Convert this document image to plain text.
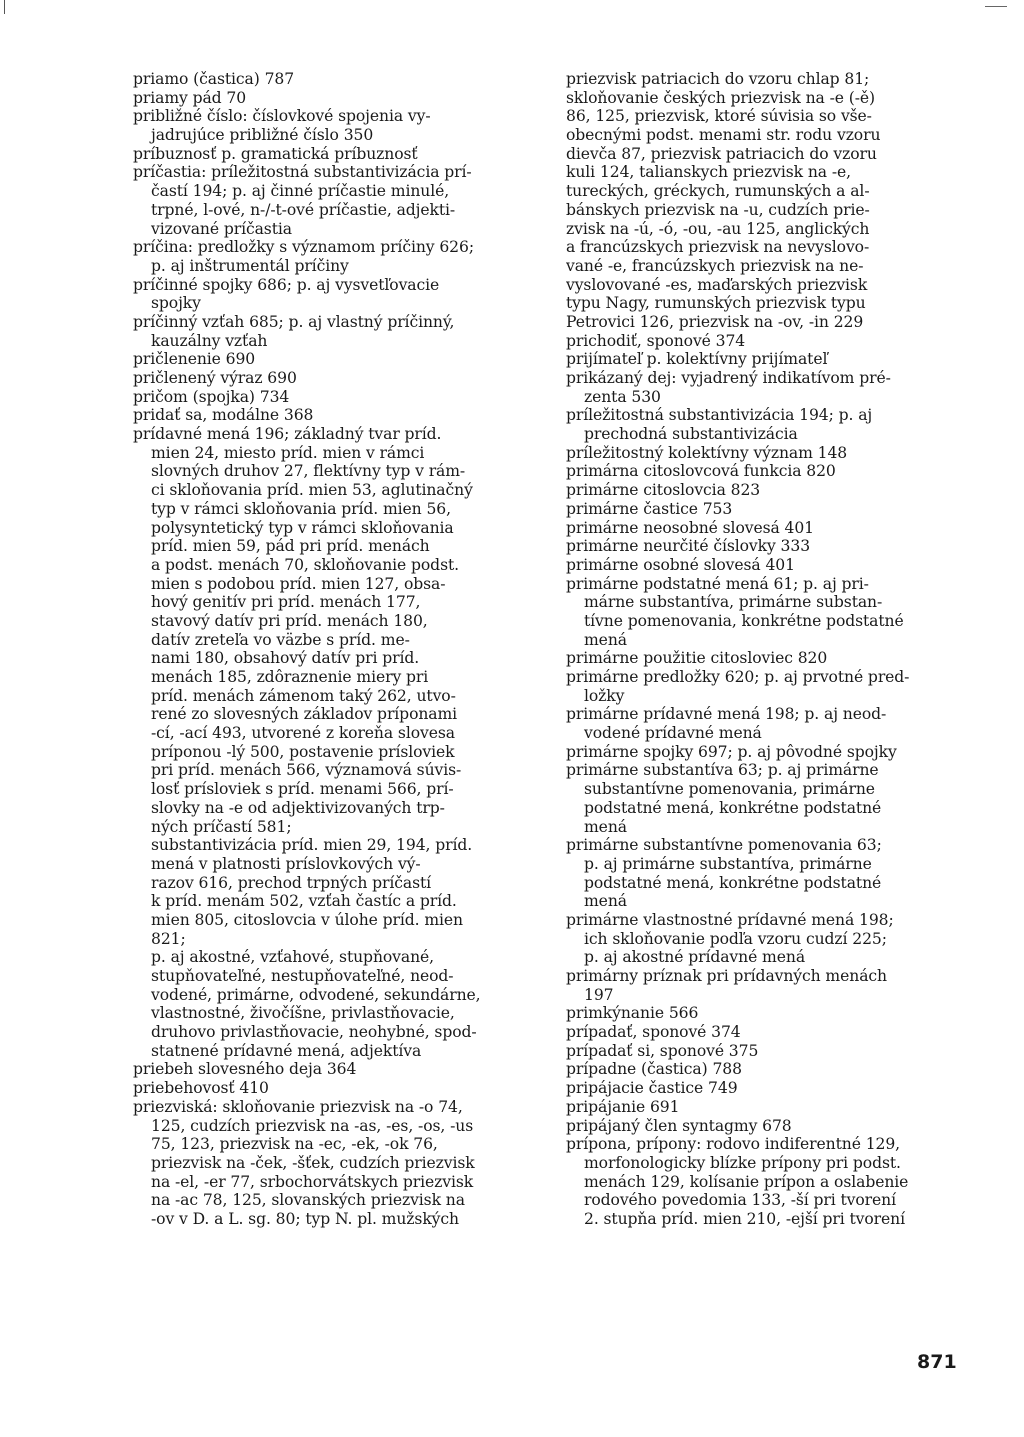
priamo (častica) 787
priamy pád 70
približné číslo: číslovkové spojenia vy-
jadrujúce približné číslo 350
príbuznosť p. gramatická príbuznosť
príčastia: príležitostná substantivizácia prí-
častí 194; p. aj činné príčastie minulé,
trpné, l-ové, n-/-t-ové príčastie, adjekti-
vizované príčastia
príčina: predložky s významom príčiny 626;
p. aj inštrumentál príčiny
príčinné spojky 686; p. aj vysvetľovacie
spojky
príčinný vzťah 685; p. aj vlastný príčinný,
kauzálny vzťah
pričlenenie 690
pričlenený výraz 690
pričom (spojka) 734
pridať sa, modálne 368
prídavné mená 196; základný tvar príd.
mien 24, miesto príd. mien v rámci
slovných druhov 27, flektívny typ v rám-
ci skloňovania príd. mien 53, aglutinačný
typ v rámci skloňovania príd. mien 56,
polysyntetický typ v rámci skloňovania
príd. mien 59, pád pri príd. menách
a podst. menách 70, skloňovanie podst.
mien s podobou príd. mien 127, obsa-
hový genitív pri príd. menách 177,
stavový datív pri príd. menách 180,
datív zreteľa vo väzbe s príd. me-
nami 180, obsahový datív pri príd.
menách 185, zdôraznenie miery pri
príd. menách zámenom taký 262, utvo-
rené zo slovesných základov príponami
-cí, -ací 493, utvorené z koreňa slovesa
príponou -lý 500, postavenie prísloviek
pri príd. menách 566, významová súvis-
losť prísloviek s príd. menami 566, prí-
slovky na -e od adjektivizovaných trp-
ných príčastí 581;
substantivizácia príd. mien 29, 194, príd.
mená v platnosti príslovkových vý-
razov 616, prechod trpných príčastí
k príd. menám 502, vzťah častíc a príd.
mien 805, citoslovcia v úlohe príd. mien
821;
p. aj akostné, vzťahové, stupňované,
stupňovateľné, nestupňovateľné, neod-
vodené, primárne, odvodené, sekundárne,
vlastnostné, živočíšne, privlastňovacie,
druhovo privlastňovacie, neohybné, spod-
statnené prídavné mená, adjektíva
priebeh slovesného deja 364
priebehovosť 410
priezviská: skloňovanie priezvisk na -o 74,
125, cudzích priezvisk na -as, -es, -os, -us
75, 123, priezvisk na -ec, -ek, -ok 76,
priezvisk na -ček, -šťek, cudzích priezvisk
na -el, -er 77, srbochorvátskych priezvisk
na -ac 78, 125, slovanských priezvisk na
-ov v D. a L. sg. 80; typ N. pl. mužských
priezvisk patriacich do vzoru chlap 81;
skloňovanie českých priezvisk na -e (-ě)
86, 125, priezvisk, ktoré súvisia so vše-
obecnými podst. menami str. rodu vzoru
dievča 87, priezvisk patriacich do vzoru
kuli 124, talianskych priezvisk na -e,
tureckých, gréckych, rumunských a al-
bánskych priezvisk na -u, cudzích prie-
zvisk na -ú, -ó, -ou, -au 125, anglických
a francúzskych priezvisk na nevyslovo-
vané -e, francúzskych priezvisk na ne-
vyslovované -es, maďarských priezvisk
typu Nagy, rumunských priezvisk typu
Petrovici 126, priezvisk na -ov, -in 229
prichodiť, sponové 374
prijímateľ p. kolektívny prijímateľ
prikázaný dej: vyjadrený indikatívom pré-
zenta 530
príležitostná substantivizácia 194; p. aj
prechodná substantivizácia
príležitostný kolektívny význam 148
primárna citoslovcová funkcia 820
primárne citoslovcia 823
primárne častice 753
primárne neosobné slovesá 401
primárne neurčité číslovky 333
primárne osobné slovesá 401
primárne podstatné mená 61; p. aj pri-
márne substantíva, primárne substan-
tívne pomenovania, konkrétne podstatné
mená
primárne použitie citosloviec 820
primárne predložky 620; p. aj prvotné pred-
ložky
primárne prídavné mená 198; p. aj neod-
vodené prídavné mená
primárne spojky 697; p. aj pôvodné spojky
primárne substantíva 63; p. aj primárne
substantívne pomenovania, primárne
podstatné mená, konkrétne podstatné
mená
primárne substantívne pomenovania 63;
p. aj primárne substantíva, primárne
podstatné mená, konkrétne podstatné
mená
primárne vlastnostné prídavné mená 198;
ich skloňovanie podľa vzoru cudzí 225;
p. aj akostné prídavné mená
primárny príznak pri prídavných menách
197
primkýnanie 566
prípadať, sponové 374
prípadať si, sponové 375
prípadne (častica) 788
pripájacie častice 749
pripájanie 691
pripájaný člen syntagmy 678
prípona, prípony: rodovo indiferentné 129,
morfonologicky blízke prípony pri podst.
menách 129, kolísanie prípon a oslabenie
rodového povedomia 133, -ší pri tvorení
2. stupňa príd. mien 210, -ejší pri tvorení
871
